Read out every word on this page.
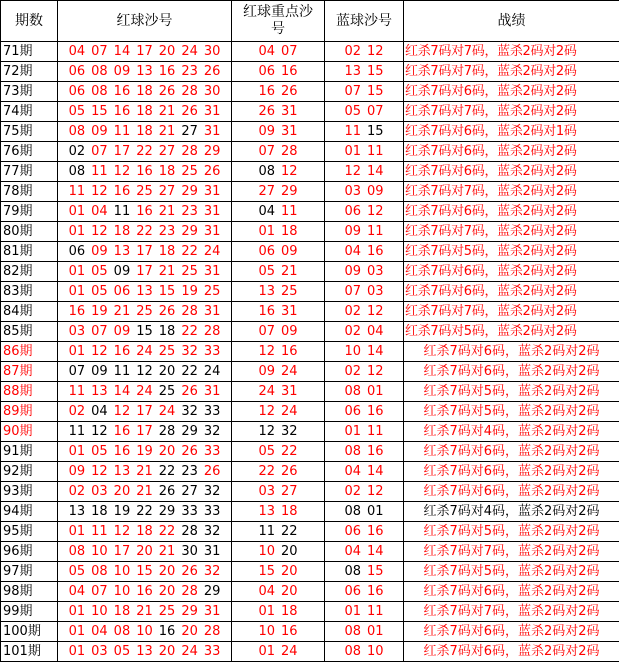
期数	红球沙号	红球重点沙号	蓝球沙号	战绩
71期	04 07 14 17 20 24 30	04 07	02 12	红杀7码对7码，蓝杀2码对2码
72期	06 08 09 13 16 23 26	06 16	13 15	红杀7码对7码，蓝杀2码对2码
73期	06 08 16 18 26 28 30	16 26	07 15	红杀7码对6码，蓝杀2码对2码
74期	05 15 16 18 21 26 31	26 31	05 07	红杀7码对7码，蓝杀2码对2码
75期	08 09 11 18 21 27 31	09 31	11 15	红杀7码对6码，蓝杀2码对1码
76期	02 07 17 22 27 28 29	07 28	01 11	红杀7码对6码，蓝杀2码对2码
77期	08 11 12 16 18 25 26	08 12	12 14	红杀7码对6码，蓝杀2码对2码
78期	11 12 16 25 27 29 31	27 29	03 09	红杀7码对7码，蓝杀2码对2码
79期	01 04 11 16 21 23 31	04 11	06 12	红杀7码对6码，蓝杀2码对2码
80期	01 12 18 22 23 29 31	01 18	09 11	红杀7码对7码，蓝杀2码对2码
81期	06 09 13 17 18 22 24	06 09	04 16	红杀7码对5码，蓝杀2码对2码
82期	01 05 09 17 21 25 31	05 21	09 03	红杀7码对6码，蓝杀2码对2码
83期	01 05 06 13 15 19 25	13 25	07 03	红杀7码对6码，蓝杀2码对2码
84期	16 19 21 25 26 28 31	16 31	02 12	红杀7码对7码，蓝杀2码对2码
85期	03 07 09 15 18 22 28	07 09	02 04	红杀7码对5码，蓝杀2码对2码
86期	01 12 16 24 25 32 33	12 16	10 14	红杀7码对6码，蓝杀2码对2码
87期	07 09 11 12 20 22 24	09 24	02 12	红杀7码对6码，蓝杀2码对2码
88期	11 13 14 24 25 26 31	24 31	08 01	红杀7码对5码，蓝杀2码对2码
89期	02 04 12 17 24 32 33	12 24	06 16	红杀7码对5码，蓝杀2码对2码
90期	11 12 16 17 28 29 32	12 32	01 11	红杀7码对4码，蓝杀2码对2码
91期	01 05 16 19 20 26 33	05 22	08 16	红杀7码对6码，蓝杀2码对2码
92期	09 12 13 21 22 23 26	22 26	04 14	红杀7码对6码，蓝杀2码对2码
93期	02 03 20 21 26 27 32	03 27	02 12	红杀7码对6码，蓝杀2码对2码
94期	13 18 19 22 29 33 33	13 18	08 01	红杀7码对4码，蓝杀2码对2码
95期	01 11 12 18 22 28 32	11 22	06 16	红杀7码对5码，蓝杀2码对2码
96期	08 10 17 20 21 30 31	10 20	04 14	红杀7码对7码，蓝杀2码对2码
97期	05 08 10 15 20 26 32	15 20	08 15	红杀7码对5码，蓝杀2码对2码
98期	04 07 10 16 20 28 29	04 20	06 16	红杀7码对6码，蓝杀2码对2码
99期	01 10 18 21 25 29 31	01 18	01 11	红杀7码对7码，蓝杀2码对2码
100期	01 04 08 10 16 20 28	10 16	08 01	红杀7码对6码，蓝杀2码对2码
101期	01 03 05 13 20 24 33	01 24	08 10	红杀7码对6码，蓝杀2码对2码
